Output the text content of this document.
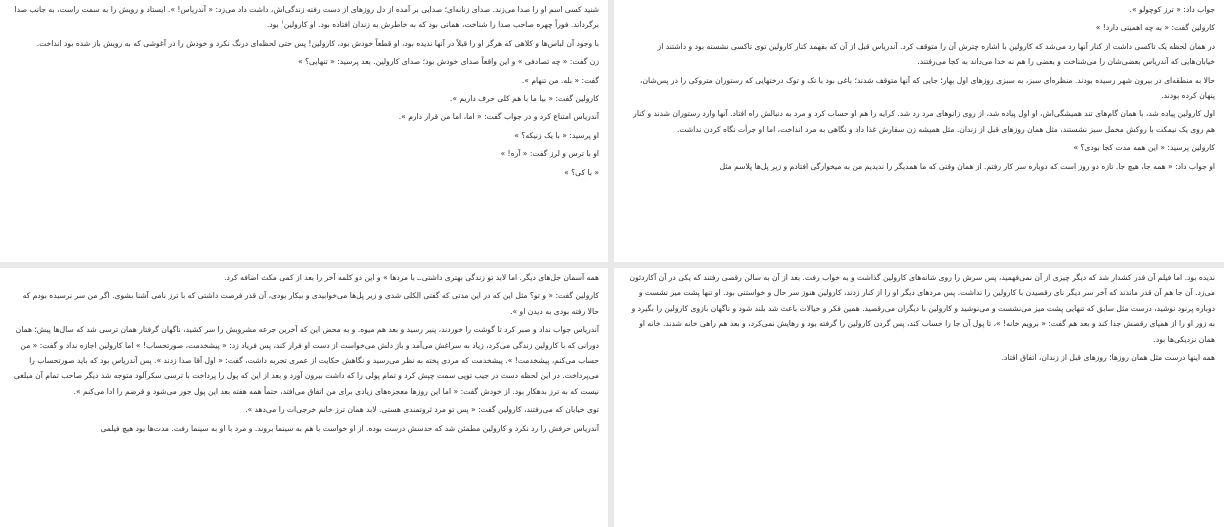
شنید کسی اسم او را صدا می‌زند. صدای زنانه‌ای؛ صدایی بر آمده از دل روزهای از دست رفته زندگی‌اش، داشت داد می‌زد: « آندریاس! ». ایستاد و رویش را به سمت راست، به جانب صدا برگرداند. فوراً چهره صاحب صدا را شناخت، همانی بود که به خاطرش به زندان افتاده بود. او کارولین$^۱$ بود.

با وجود آن لباس‌ها و کلاهی که هرگز او را قبلاً در آنها ندیده بود، او قطعاً خودش بود، کارولین! پس حتی لحظه‌ای درنگ نکرد و خودش را در آغوشی که به رویش باز شده بود انداخت.

زن گفت: « چه تصادفی » و این واقعاً صدای خودش بود؛ صدای کارولین. بعد پرسید: « تنهایی؟ »

گفت: « بله. من تنهام ».

کارولین گفت: « بیا ما با هم کلی حرف داریم ».

آندریاس امتناع کرد و در جواب گفت: « اما، اما من قرار دارم ».

او پرسید: « با یک زنیکه؟ »

او با ترس و لرز گفت: « آره! »

« با کی؟ »

جواب داد: « ترز کوچولو ».

کارولین گفت: « به چه اهمیتی دارد! »

در همان لحظه یک تاکسی داشت از کنار آنها رد می‌شد که کارولین با اشاره چترش آن را متوقف کرد. آندریاس قبل از آن که بفهمد کنار کارولین توی تاکسی نشسته بود و داشتند از خیابان‌هایی که آندریاس بعضی‌شان را می‌شناخت و بعضی را هم نه خدا می‌داند به کجا می‌رفتند.

حالا به منطقه‌ای در بیرون شهر رسیده بودند. منظره‌ای سبز، به سبزی روزهای اول بهار؛ جایی که آنها متوقف شدند؛ باغی بود با تک و توک درختهایی که رستوران متروکی را در پس‌شان، پنهان کرده بودند.

اول کارولین پیاده شد، با همان گام‌های تند همیشگی‌اش، او اول پیاده شد، از روی زانوهای مرد رد شد. کرایه را هم او حساب کرد و مرد به دنبالش راه افتاد. آنها وارد رستوران شدند و کنار هم روی یک نیمکت با روکش مخمل سبز نشستند، مثل همان روزهای قبل از زندان. مثل همیشه زن سفارش غذا داد و نگاهی به مرد انداخت، اما او جرأت نگاه کردن نداشت.

کارولین پرسید: « این همه مدت کجا بودی؟ »

او جواب داد: « همه جا، هیچ جا. تازه دو روز است که دوباره سر کار رفتم. از همان وقتی که ما همدیگر را ندیدیم من به میخوارگی افتادم و زیر پل‌ها پلاسم مثل

همه آسمان جل‌های دیگر. اما لابد تو زندگی بهتری داشتی.ـ با مردها » و این دو کلمه آخر را بعد از کمی مکث اضافه کرد.

کارولین گفت: « و تو؟ مثل این که در این مدتی که گفتی الکلی شدی و زیر پل‌ها می‌خوابیدی و بیکار بودی، آن قدر فرصت داشتی که با ترز نامی آشنا بشوی. اگر من سر نرسیده بودم که حالا رفته بودی به دیدن او ».

آندریاس جواب نداد و صبر کرد تا گوشت را خوردند، پنیر رسید و بعد هم میوه. و به محض این که آخرین جرعه مشروبش را سر کشید، ناگهان گرفتار همان ترسی شد که سال‌ها پیش؛ همان دورانی که با کارولین زندگی می‌کرد، زیاد به سراغش می‌آمد و باز دلش می‌خواست از دست او فرار کند، پس فریاد زد: « پیشخدمت، صورتحساب! » اما کارولین اجازه نداد و گفت: « من حساب می‌کنم، پیشخدمت! ». پیشخدمت که مردی پخته به نظر می‌رسید و نگاهش حکایت از عمری تجربه داشت، گفت: « اول آقا صدا زدند ». پس آندریاس بود که باید صورتحساب را می‌پرداخت. در این لحظه دست در جیب توپی سمت چپش کرد و تمام پولی را که داشت بیرون آورد و بعد از این که پول را پرداخت با ترسی سکرآلود متوجه شد دیگر صاحب تمام آن مبلغی نیست که به ترز بدهکار بود. از خودش گفت: « اما این روزها معجزه‌های زیادی برای من اتفاق می‌افتد، حتماً همه هفته بعد این پول جور می‌شود و قرضم را ادا می‌کنم ».

توی خیابان که می‌رفتند، کارولین گفت: « پس تو مرد ثروتمندی هستی. لابد همان ترز خانم خرجی‌ات را می‌دهد ».

آندریاس حرفش را رد نکرد و کارولین مطمئن شد که حدسش درست بوده. از او خواست با هم به سینما بروند. و مرد با او به سینما رفت. مدت‌ها بود هیچ فیلمی

ندیده بود. اما فیلم آن قدر کشدار شد که دیگر چیزی از آن نمی‌فهمید، پس سرش را روی شانه‌های کارولین گذاشت و به خواب رفت. بعد از آن به سالن رقصی رفتند که یکی در آن آکاردئون می‌زد. آن جا هم آن قدر ماندند که آخر سر دیگر نای رقصیدن با کارولین را نداشت. پس مردهای دیگر او را از کنار زدند، کارولین هنوز سر حال و خواستنی بود. او تنها پشت میز نشست و دوباره پرنود نوشید، درست مثل سابق که تنهایی پشت میز می‌نشست و می‌نوشید و کارولین با دیگران می‌رقصید. همین فکر و خیالات باعث شد بلند شود و ناگهان بازوی کارولین را بگیرد و به زور او را از همپای رقصش جدا کند و بعد هم گفت: « برویم خانه! »، تا پول آن جا را حساب کند، پس گردن کارولین را گرفته بود و رهایش نمی‌کرد، و بعد هم راهی خانه شدند. خانه او همان نزدیکی‌ها بود.

همه اینها درست مثل همان روزها؛ روزهای قبل از زندان، اتفاق افتاد.
